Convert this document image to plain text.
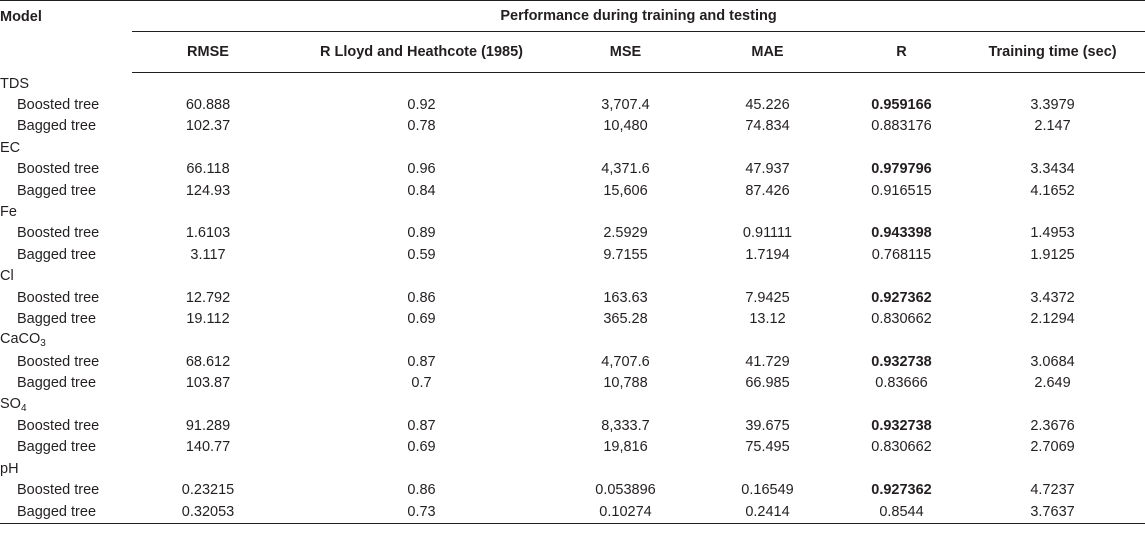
Model	Performance during training and testing					
	RMSE	R Lloyd and Heathcote (1985)	MSE	MAE	R	Training time (sec)
TDS						
Boosted tree	60.888	0.92	3,707.4	45.226	0.959166	3.3979
Bagged tree	102.37	0.78	10,480	74.834	0.883176	2.147
EC						
Boosted tree	66.118	0.96	4,371.6	47.937	0.979796	3.3434
Bagged tree	124.93	0.84	15,606	87.426	0.916515	4.1652
Fe						
Boosted tree	1.6103	0.89	2.5929	0.91111	0.943398	1.4953
Bagged tree	3.117	0.59	9.7155	1.7194	0.768115	1.9125
Cl						
Boosted tree	12.792	0.86	163.63	7.9425	0.927362	3.4372
Bagged tree	19.112	0.69	365.28	13.12	0.830662	2.1294
CaCO$_3$
Boosted tree	68.612	0.87	4,707.6	41.729	0.932738	3.0684
Bagged tree	103.87	0.7	10,788	66.985	0.83666	2.649
$SO_4$
Boosted tree	91.289	0.87	8,333.7	39.675	0.932738	2.3676
Bagged tree	140.77	0.69	19,816	75.495	0.830662	2.7069
pH						
Boosted tree	0.23215	0.86	0.053896	0.16549	0.927362	4.7237
Bagged tree	0.32053	0.73	0.10274	0.2414	0.8544	3.7637
